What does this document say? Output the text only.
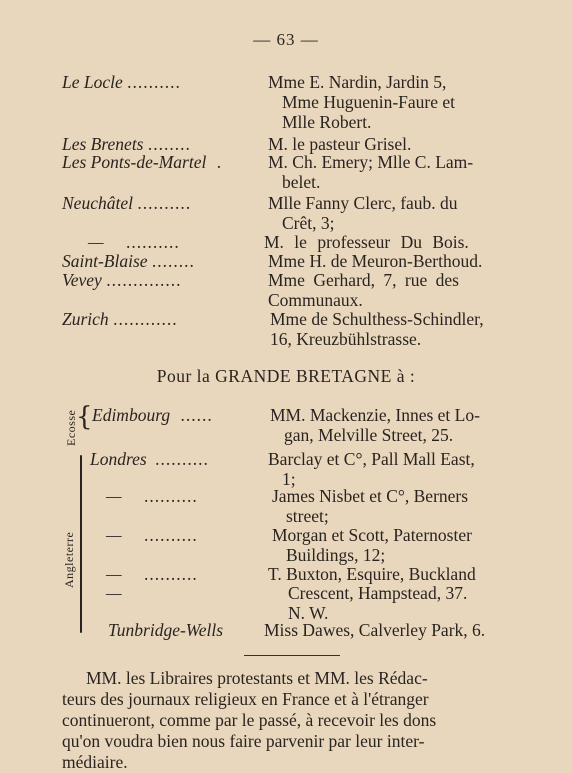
— 63 —
Le Locle ..........	Mme E. Nardin, Jardin 5,
Mme Huguenin-Faure et
Mlle Robert.
Les Brenets ........	M. le pasteur Grisel.
Les Ponts-de-Martel .	M. Ch. Emery; Mlle C. Lam-
belet.
Neuchâtel ..........	Mlle Fanny Clerc, faub. du
Crêt, 3;
— ..........	M. le professeur Du Bois.
Saint-Blaise ........	Mme H. de Meuron-Berthoud.
Vevey ..............	Mme Gerhard, 7, rue des
Communaux.
Zurich ............	Mme de Schulthess-Schindler,
16, Kreuzbühlstrasse.
Pour la GRANDE BRETAGNE à :
Ecosse
{ Edimbourg ......	MM. Mackenzie, Innes et Lo-
gan, Melville Street, 25.
Angleterre
Londres ..........	Barclay et C°, Pall Mall East,
1;
— ..........	James Nisbet et C°, Berners
street;
— ..........	Morgan et Scott, Paternoster
Buildings, 12;
— ..........	T. Buxton, Esquire, Buckland
—	Crescent, Hampstead, 37.
N. W.
Tunbridge-Wells Miss Dawes, Calverley Park, 6.
MM. les Libraires protestants et MM. les Rédac-
teurs des journaux religieux en France et à l'étranger
continueront, comme par le passé, à recevoir les dons
qu'on voudra bien nous faire parvenir par leur inter-
médiaire.
